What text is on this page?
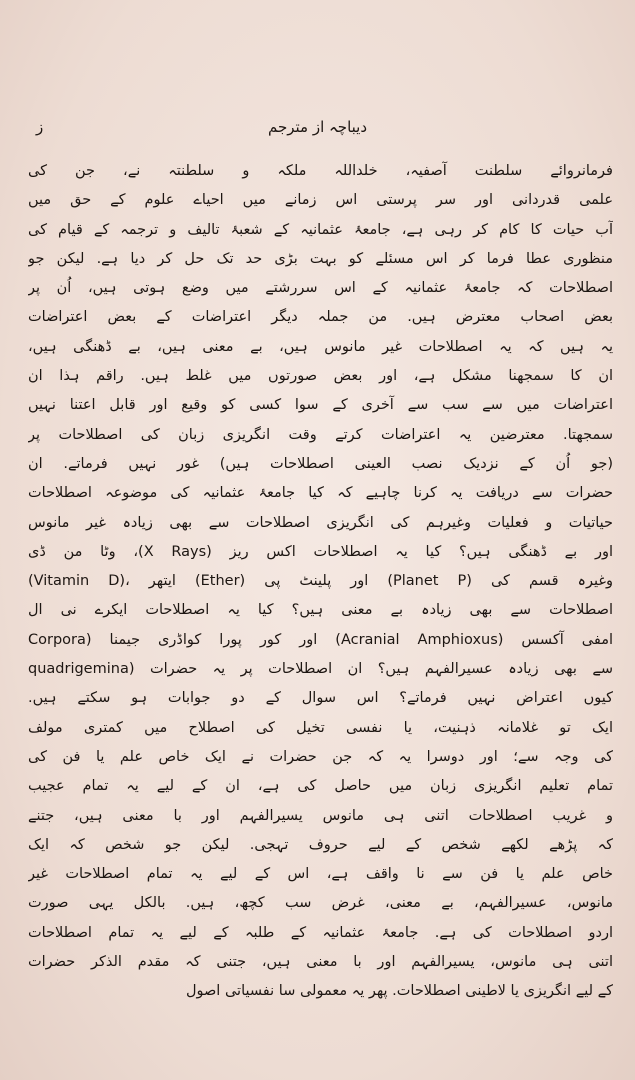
دیباچہ از مترجم
ز
فرمانروائے سلطنت آصفیہ، خلداللہ ملکہ و سلطنتہ نے، جن کی
علمی قدردانی اور سر پرستی اس زمانے میں احیاے علوم کے حق میں
آب حیات کا کام کر رہی ہے، جامعۂ عثمانیہ کے شعبۂ تالیف و ترجمہ کے قیام کی
منظوری عطا فرما کر اس مسئلے کو بہت بڑی حد تک حل کر دیا ہے. لیکن جو
اصطلاحات کہ جامعۂ عثمانیہ کے اس سررشتے میں وضع ہوتی ہیں، اُن پر
بعض اصحاب معترض ہیں. من جملہ دیگر اعتراضات کے بعض اعتراضات
یہ ہیں کہ یہ اصطلاحات غیر مانوس ہیں، بے معنی ہیں، بے ڈھنگی ہیں،
ان کا سمجھنا مشکل ہے، اور بعض صورتوں میں غلط ہیں. راقم ہذا ان
اعتراضات میں سے سب سے آخری کے سوا کسی کو وقیع اور قابل اعتنا نہیں
سمجھتا. معترضین یہ اعتراضات کرتے وقت انگریزی زبان کی اصطلاحات پر
(جو اُن کے نزدیک نصب العینی اصطلاحات ہیں) غور نہیں فرماتے. ان
حضرات سے دریافت یہ کرنا چاہیے کہ کیا جامعۂ عثمانیہ کی موضوعہ اصطلاحات
حیاتیات و فعلیات وغیرہم کی انگریزی اصطلاحات سے بھی زیادہ غیر مانوس
اور بے ڈھنگی ہیں؟ کیا یہ اصطلاحات اکس ریز (X Rays)، وٹا من ڈی
(Vitamin D)، ایتھر (Ether) اور پلینٹ پی (Planet P) وغیرہ قسم کی
اصطلاحات سے بھی زیادہ بے معنی ہیں؟ کیا یہ اصطلاحات ایکرے نی ال
امفی آکسس (Acranial Amphioxus) اور کور پورا کواڈری جیمنا (Corpora
quadrigemina) سے بھی زیادہ عسیرالفہم ہیں؟ ان اصطلاحات پر یہ حضرات
کیوں اعتراض نہیں فرماتے؟ اس سوال کے دو جوابات ہو سکتے ہیں.
ایک تو غلامانہ ذہنیت، یا نفسی تخیل کی اصطلاح میں کمتری مولف
کی وجہ سے؛ اور دوسرا یہ کہ جن حضرات نے ایک خاص علم یا فن کی
تمام تعلیم انگریزی زبان میں حاصل کی ہے، ان کے لیے یہ تمام عجیب
و غریب اصطلاحات اتنی ہی مانوس یسیرالفہم اور با معنی ہیں، جتنے
کہ پڑھے لکھے شخص کے لیے حروف تہجی. لیکن جو شخص کہ ایک
خاص علم یا فن سے نا واقف ہے، اس کے لیے یہ تمام اصطلاحات غیر
مانوس، عسیرالفہم، بے معنی، غرض سب کچھ، ہیں. بالکل یہی صورت
اردو اصطلاحات کی ہے. جامعۂ عثمانیہ کے طلبہ کے لیے یہ تمام اصطلاحات
اتنی ہی مانوس، یسیرالفہم اور با معنی ہیں، جتنی کہ مقدم الذکر حضرات
کے لیے انگریزی یا لاطینی اصطلاحات. پھر یہ معمولی سا نفسیاتی اصول
